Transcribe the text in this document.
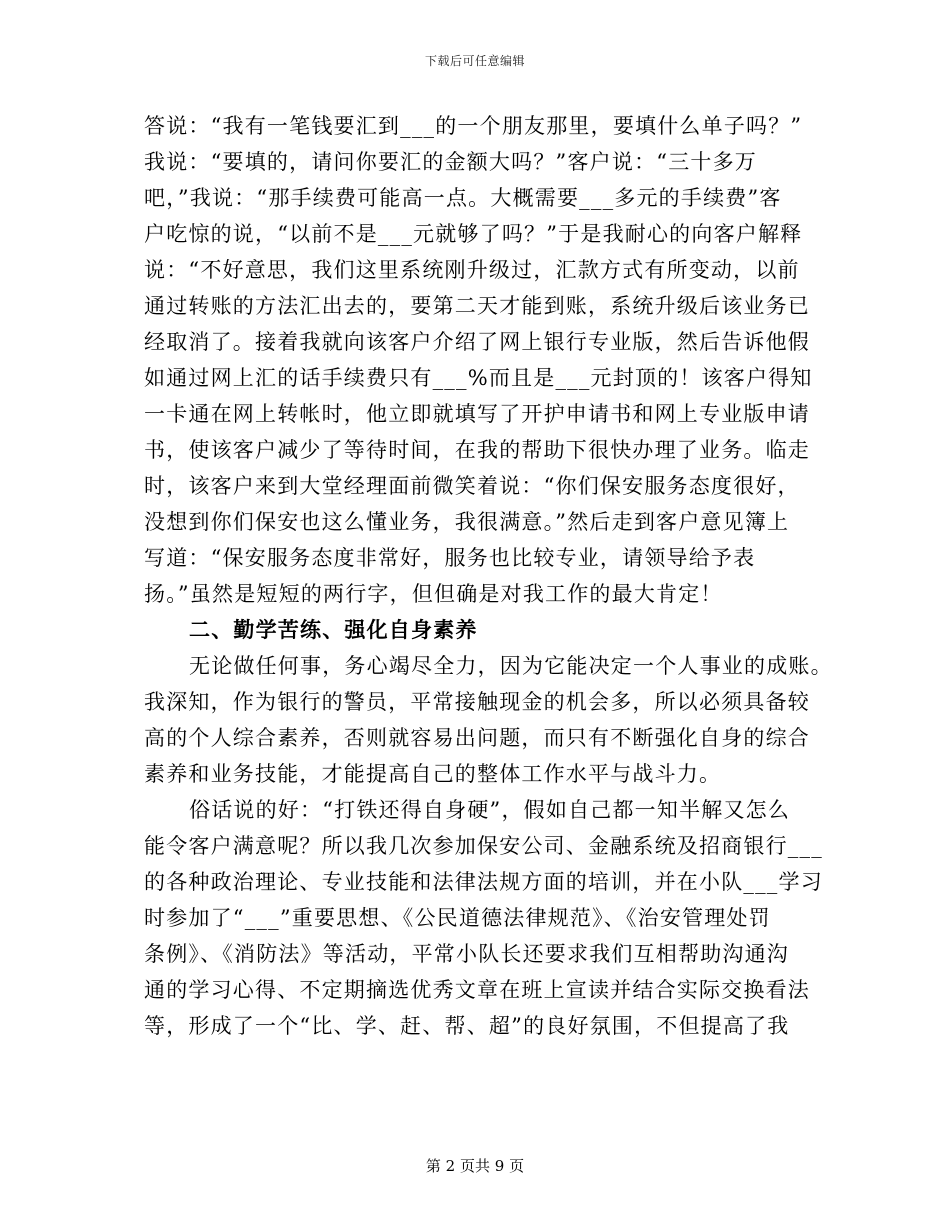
下载后可任意编辑
答说：“我有一笔钱要汇到___的一个朋友那里，要填什么单子吗？”
我说：“要填的，请问你要汇的金额大吗？”客户说：“三十多万
吧，”我说：“那手续费可能高一点。大概需要___多元的手续费”客
户吃惊的说，“以前不是___元就够了吗？”于是我耐心的向客户解释
说：“不好意思，我们这里系统刚升级过，汇款方式有所变动，以前
通过转账的方法汇出去的，要第二天才能到账，系统升级后该业务已
经取消了。接着我就向该客户介绍了网上银行专业版，然后告诉他假
如通过网上汇的话手续费只有___%而且是___元封顶的！该客户得知
一卡通在网上转帐时，他立即就填写了开护申请书和网上专业版申请
书，使该客户减少了等待时间，在我的帮助下很快办理了业务。临走
时，该客户来到大堂经理面前微笑着说：“你们保安服务态度很好，
没想到你们保安也这么懂业务，我很满意。”然后走到客户意见簿上
写道：“保安服务态度非常好，服务也比较专业，请领导给予表
扬。”虽然是短短的两行字，但但确是对我工作的最大肯定！
二、勤学苦练、强化自身素养
无论做任何事，务心竭尽全力，因为它能决定一个人事业的成账。
我深知，作为银行的警员，平常接触现金的机会多，所以必须具备较
高的个人综合素养，否则就容易出问题，而只有不断强化自身的综合
素养和业务技能，才能提高自己的整体工作水平与战斗力。
俗话说的好：“打铁还得自身硬”，假如自己都一知半解又怎么
能令客户满意呢？所以我几次参加保安公司、金融系统及招商银行___
的各种政治理论、专业技能和法律法规方面的培训，并在小队___学习
时参加了“___”重要思想、《公民道德法律规范》、《治安管理处罚
条例》、《消防法》等活动，平常小队长还要求我们互相帮助沟通沟
通的学习心得、不定期摘选优秀文章在班上宣读并结合实际交换看法
等，形成了一个“比、学、赶、帮、超”的良好氛围，不但提高了我
第 2 页共 9 页
